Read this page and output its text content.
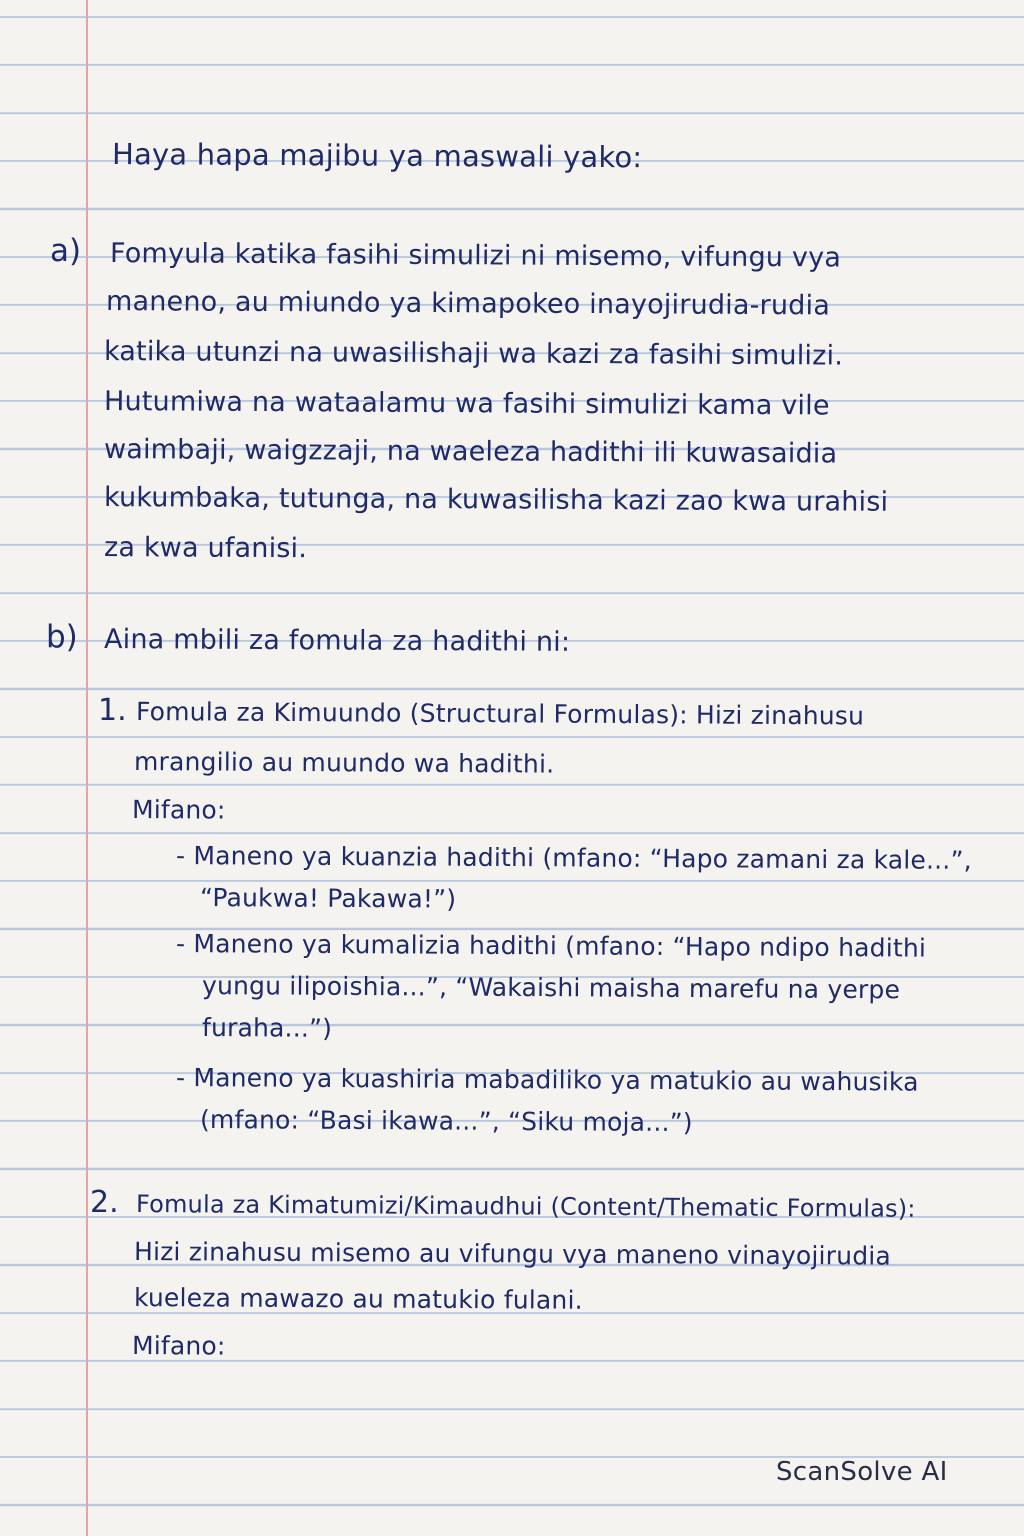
Haya hapa majibu ya maswali yako:
a) Fomyula katika fasihi simulizi ni misemo, vifungu vya
maneno, au miundo ya kimapokeo inayojirudia-rudia
katika utunzi na uwasilishaji wa kazi za fasihi simulizi.
Hutumiwa na wataalamu wa fasihi simulizi kama vile
waimbaji, waigzzaji, na waeleza hadithi ili kuwasaidia
kukumbaka, tutunga, na kuwasilisha kazi zao kwa urahisi
za kwa ufanisi.
b) Aina mbili za fomula za hadithi ni:
1. Fomula za Kimuundo (Structural Formulas): Hizi zinahusu
mrangilio au muundo wa hadithi.
Mifano:
- Maneno ya kuanzia hadithi (mfano: “Hapo zamani za kale...”,
“Paukwa! Pakawa!”)
- Maneno ya kumalizia hadithi (mfano: “Hapo ndipo hadithi
yungu ilipoishia...”, “Wakaishi maisha marefu na yerpe
furaha...”)
- Maneno ya kuashiria mabadiliko ya matukio au wahusika
(mfano: “Basi ikawa...”, “Siku moja...”)
2. Fomula za Kimatumizi/Kimaudhui (Content/Thematic Formulas):
Hizi zinahusu misemo au vifungu vya maneno vinayojirudia
kueleza mawazo au matukio fulani.
Mifano:
ScanSolve AI
